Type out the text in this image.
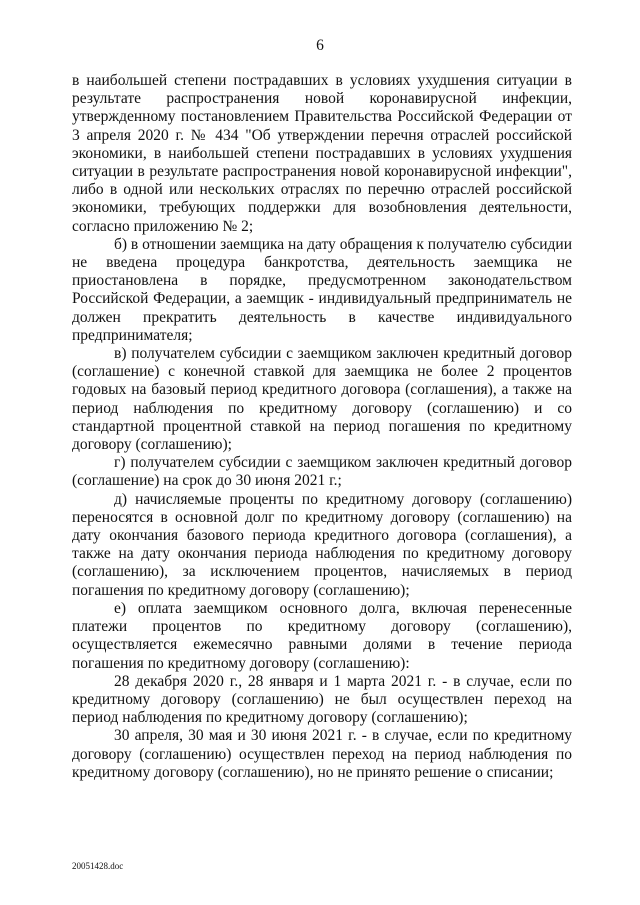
6

в наибольшей степени пострадавших в условиях ухудшения ситуации в результате распространения новой коронавирусной инфекции, утвержденному постановлением Правительства Российской Федерации от 3 апреля 2020 г. № 434 "Об утверждении перечня отраслей российской экономики, в наибольшей степени пострадавших в условиях ухудшения ситуации в результате распространения новой коронавирусной инфекции", либо в одной или нескольких отраслях по перечню отраслей российской экономики, требующих поддержки для возобновления деятельности, согласно приложению № 2;

б) в отношении заемщика на дату обращения к получателю субсидии не введена процедура банкротства, деятельность заемщика не приостановлена в порядке, предусмотренном законодательством Российской Федерации, а заемщик - индивидуальный предприниматель не должен прекратить деятельность в качестве индивидуального предпринимателя;

в) получателем субсидии с заемщиком заключен кредитный договор (соглашение) с конечной ставкой для заемщика не более 2 процентов годовых на базовый период кредитного договора (соглашения), а также на период наблюдения по кредитному договору (соглашению) и со стандартной процентной ставкой на период погашения по кредитному договору (соглашению);

г) получателем субсидии с заемщиком заключен кредитный договор (соглашение) на срок до 30 июня 2021 г.;

д) начисляемые проценты по кредитному договору (соглашению) переносятся в основной долг по кредитному договору (соглашению) на дату окончания базового периода кредитного договора (соглашения), а также на дату окончания периода наблюдения по кредитному договору (соглашению), за исключением процентов, начисляемых в период погашения по кредитному договору (соглашению);

е) оплата заемщиком основного долга, включая перенесенные платежи процентов по кредитному договору (соглашению), осуществляется ежемесячно равными долями в течение периода погашения по кредитному договору (соглашению):

28 декабря 2020 г., 28 января и 1 марта 2021 г. - в случае, если по кредитному договору (соглашению) не был осуществлен переход на период наблюдения по кредитному договору (соглашению);

30 апреля, 30 мая и 30 июня 2021 г. - в случае, если по кредитному договору (соглашению) осуществлен переход на период наблюдения по кредитному договору (соглашению), но не принято решение о списании;

20051428.doc
